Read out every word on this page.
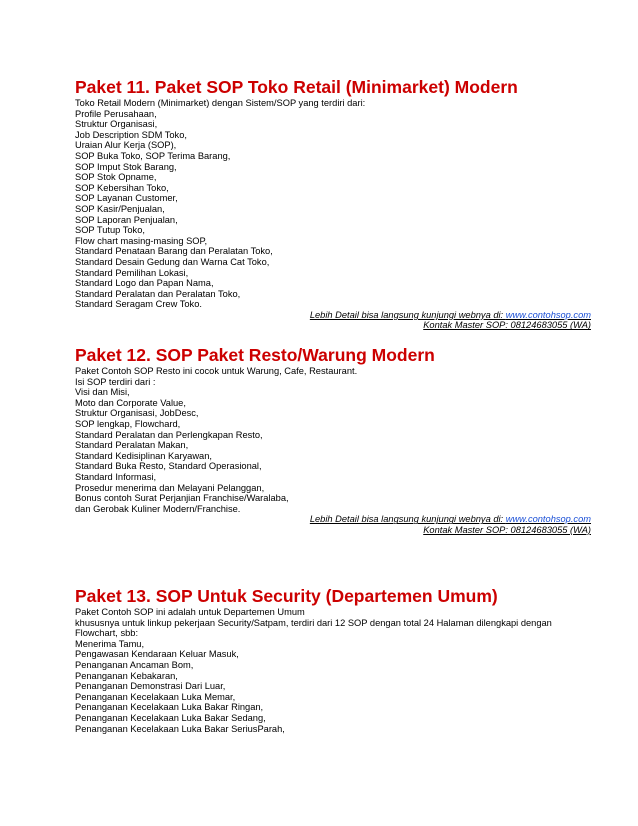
Paket 11. Paket SOP Toko Retail (Minimarket) Modern
Toko Retail Modern (Minimarket) dengan Sistem/SOP yang terdiri dari:
Profile Perusahaan,
Struktur Organisasi,
Job Description SDM Toko,
Uraian Alur Kerja (SOP),
SOP Buka Toko, SOP Terima Barang,
SOP Imput Stok Barang,
SOP Stok Opname,
SOP Kebersihan Toko,
SOP Layanan Customer,
SOP Kasir/Penjualan,
SOP Laporan Penjualan,
SOP Tutup Toko,
Flow chart masing-masing SOP,
Standard Penataan Barang dan Peralatan Toko,
Standard Desain Gedung dan Warna Cat Toko,
Standard Pemilihan Lokasi,
Standard Logo dan Papan Nama,
Standard Peralatan dan Peralatan Toko,
Standard Seragam Crew Toko.
Lebih Detail bisa langsung kunjungi webnya di: www.contohsop.com
Kontak Master SOP: 08124683055 (WA)
Paket 12. SOP Paket Resto/Warung Modern
Paket Contoh SOP Resto ini cocok untuk Warung, Cafe, Restaurant.
Isi SOP terdiri dari :
Visi dan Misi,
Moto dan Corporate Value,
Struktur Organisasi, JobDesc,
SOP lengkap, Flowchard,
Standard Peralatan dan Perlengkapan Resto,
Standard Peralatan Makan,
Standard Kedisiplinan Karyawan,
Standard Buka Resto, Standard Operasional,
Standard Informasi,
Prosedur menerima dan Melayani Pelanggan,
Bonus contoh Surat Perjanjian Franchise/Waralaba,
dan Gerobak Kuliner Modern/Franchise.
Lebih Detail bisa langsung kunjungi webnya di: www.contohsop.com
Kontak Master SOP: 08124683055 (WA)
Paket 13. SOP Untuk Security (Departemen Umum)
Paket Contoh SOP ini adalah untuk Departemen Umum
khususnya untuk linkup pekerjaan Security/Satpam, terdiri dari 12 SOP dengan total 24 Halaman dilengkapi dengan
Flowchart, sbb:
Menerima Tamu,
Pengawasan Kendaraan Keluar Masuk,
Penanganan Ancaman Bom,
Penanganan Kebakaran,
Penanganan Demonstrasi Dari Luar,
Penanganan Kecelakaan Luka Memar,
Penanganan Kecelakaan Luka Bakar Ringan,
Penanganan Kecelakaan Luka Bakar Sedang,
Penanganan Kecelakaan Luka Bakar SeriusParah,
